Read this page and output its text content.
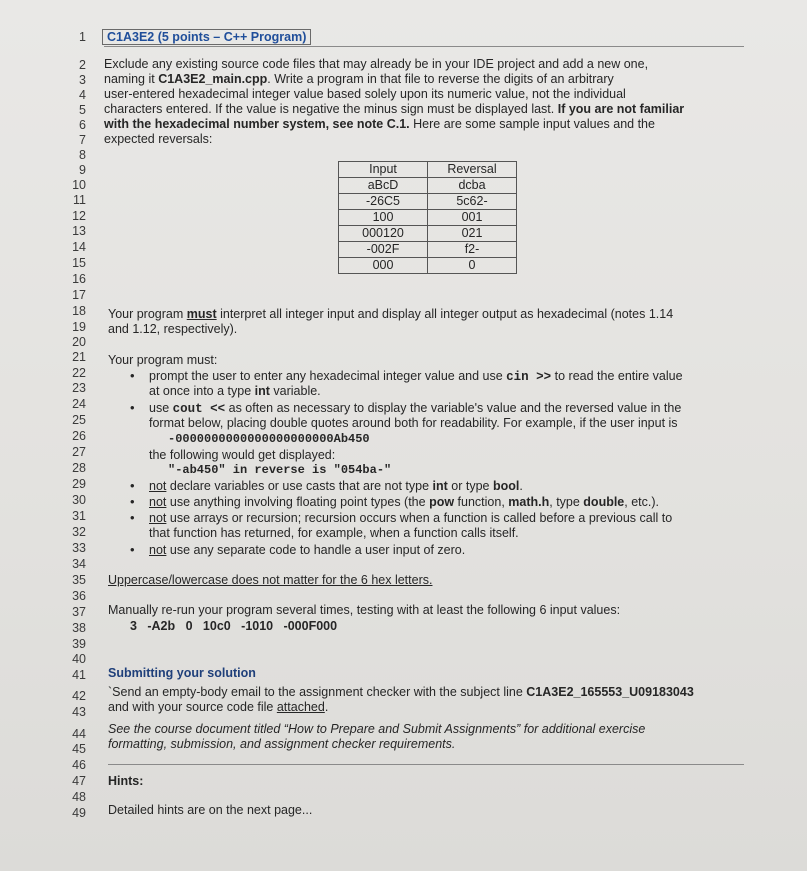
1
2
3
4
5
6
7
8
9
10
11
12
13
14
15
16
17
18
19
20
21
22
23
24
25
26
27
28
29
30
31
32
33
34
35
36
37
38
39
40
41
42
43
44
45
46
47
48
49
C1A3E2 (5 points – C++ Program)
Exclude any existing source code files that may already be in your IDE project and add a new one,
naming it C1A3E2_main.cpp. Write a program in that file to reverse the digits of an arbitrary
user-entered hexadecimal integer value based solely upon its numeric value, not the individual
characters entered. If the value is negative the minus sign must be displayed last. If you are not familiar
with the hexadecimal number system, see note C.1. Here are some sample input values and the
expected reversals:
Input	Reversal
aBcD	dcba
-26C5	5c62-
100	001
000120	021
-002F	f2-
000	0
Your program must interpret all integer input and display all integer output as hexadecimal (notes 1.14
and 1.12, respectively).
Your program must:
• prompt the user to enter any hexadecimal integer value and use cin >> to read the entire value
at once into a type int variable.
• use cout << as often as necessary to display the variable's value and the reversed value in the
format below, placing double quotes around both for readability. For example, if the user input is
-0000000000000000000000Ab450
the following would get displayed:
"-ab450" in reverse is "054ba-"
• not declare variables or use casts that are not type int or type bool.
• not use anything involving floating point types (the pow function, math.h, type double, etc.).
• not use arrays or recursion; recursion occurs when a function is called before a previous call to
that function has returned, for example, when a function calls itself.
• not use any separate code to handle a user input of zero.
Uppercase/lowercase does not matter for the 6 hex letters.
Manually re-run your program several times, testing with at least the following 6 input values:
3   -A2b   0   10c0   -1010   -000F000
Submitting your solution
`Send an empty-body email to the assignment checker with the subject line C1A3E2_165553_U09183043
and with your source code file attached.
See the course document titled “How to Prepare and Submit Assignments” for additional exercise
formatting, submission, and assignment checker requirements.
Hints:
Detailed hints are on the next page...
